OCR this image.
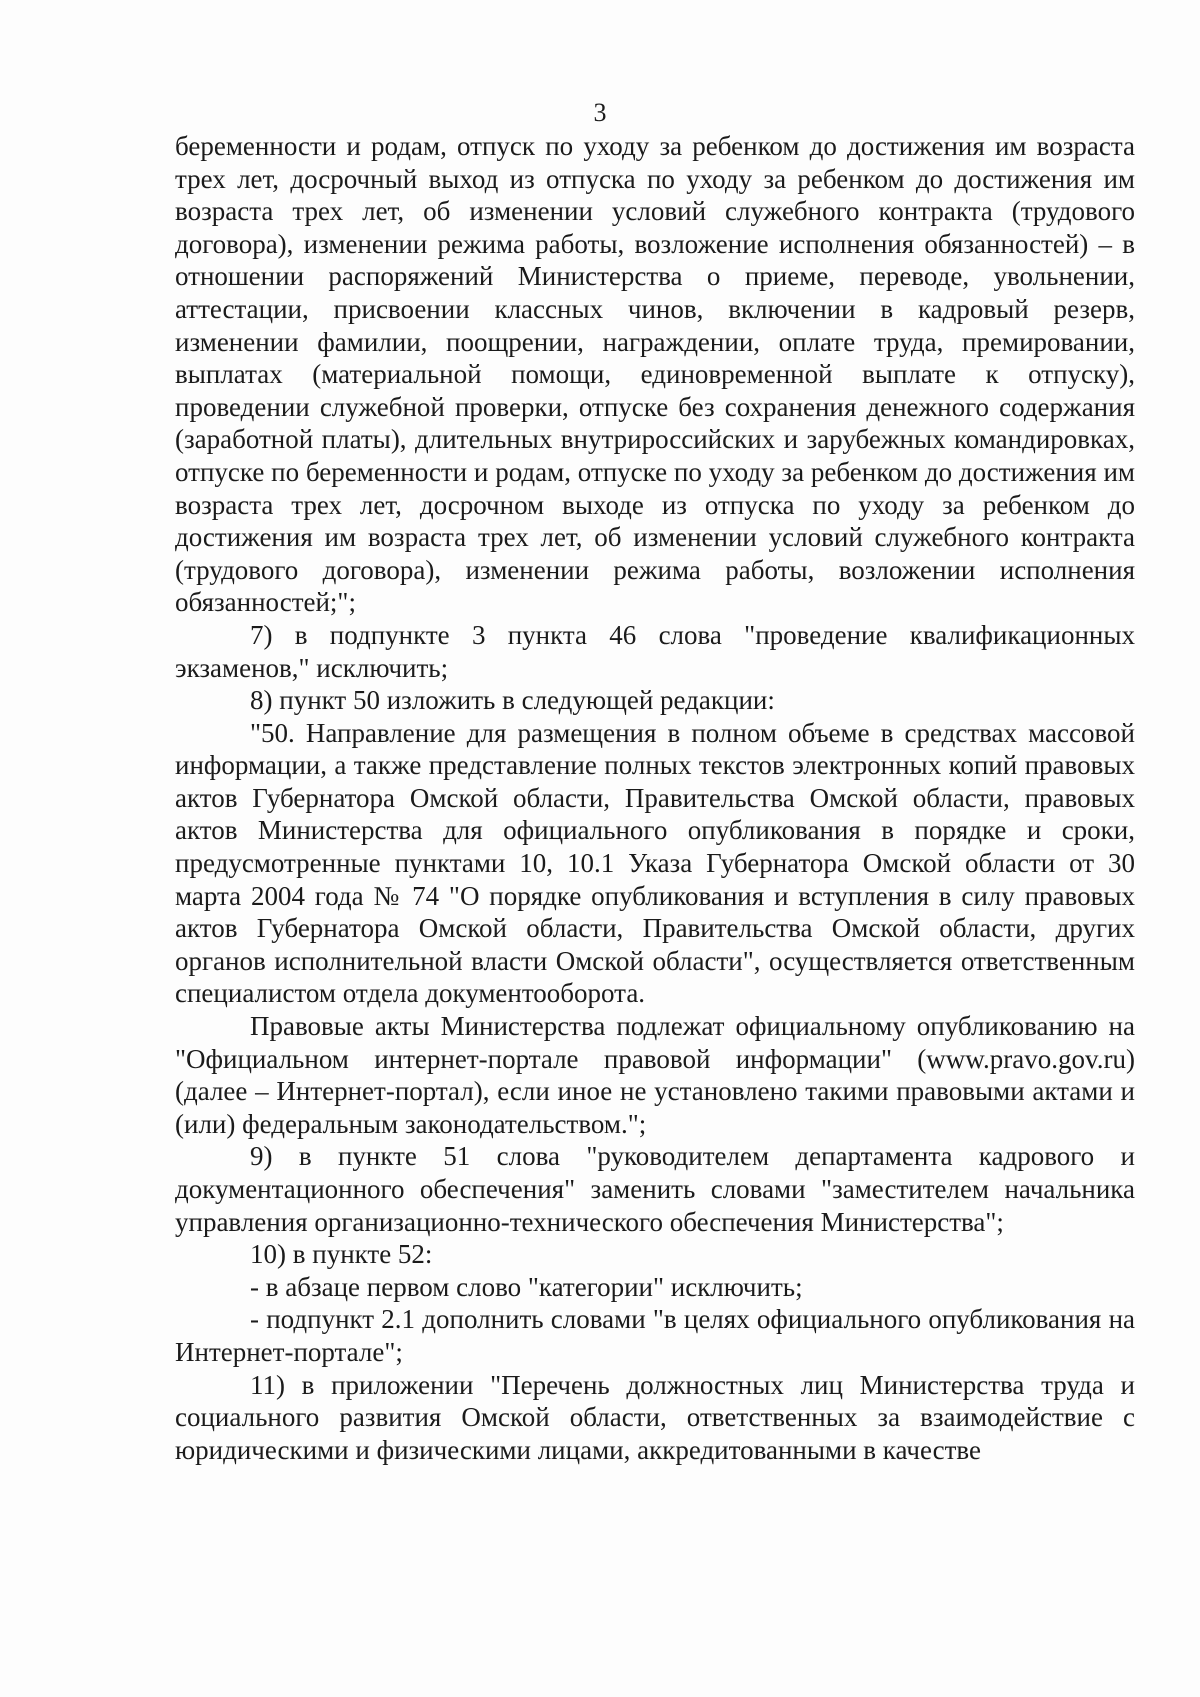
3

беременности и родам, отпуск по уходу за ребенком до достижения им возраста трех лет, досрочный выход из отпуска по уходу за ребенком до достижения им возраста трех лет, об изменении условий служебного контракта (трудового договора), изменении режима работы, возложение исполнения обязанностей) – в отношении распоряжений Министерства о приеме, переводе, увольнении, аттестации, присвоении классных чинов, включении в кадровый резерв, изменении фамилии, поощрении, награждении, оплате труда, премировании, выплатах (материальной помощи, единовременной выплате к отпуску), проведении служебной проверки, отпуске без сохранения денежного содержания (заработной платы), длительных внутрироссийских и зарубежных командировках, отпуске по беременности и родам, отпуске по уходу за ребенком до достижения им возраста трех лет, досрочном выходе из отпуска по уходу за ребенком до достижения им возраста трех лет, об изменении условий служебного контракта (трудового договора), изменении режима работы, возложении исполнения обязанностей;";

7) в подпункте 3 пункта 46 слова "проведение квалификационных экзаменов," исключить;

8) пункт 50 изложить в следующей редакции:

"50. Направление для размещения в полном объеме в средствах массовой информации, а также представление полных текстов электронных копий правовых актов Губернатора Омской области, Правительства Омской области, правовых актов Министерства для официального опубликования в порядке и сроки, предусмотренные пунктами 10, 10.1 Указа Губернатора Омской области от 30 марта 2004 года № 74 "О порядке опубликования и вступления в силу правовых актов Губернатора Омской области, Правительства Омской области, других органов исполнительной власти Омской области", осуществляется ответственным специалистом отдела документооборота.

Правовые акты Министерства подлежат официальному опубликованию на "Официальном интернет-портале правовой информации" (www.pravo.gov.ru) (далее – Интернет-портал), если иное не установлено такими правовыми актами и (или) федеральным законодательством.";

9) в пункте 51 слова "руководителем департамента кадрового и документационного обеспечения" заменить словами "заместителем начальника управления организационно-технического обеспечения Министерства";

10) в пункте 52:

- в абзаце первом слово "категории" исключить;

- подпункт 2.1 дополнить словами "в целях официального опубликования на Интернет-портале";

11) в приложении "Перечень должностных лиц Министерства труда и социального развития Омской области, ответственных за взаимодействие с юридическими и физическими лицами, аккредитованными в качестве
